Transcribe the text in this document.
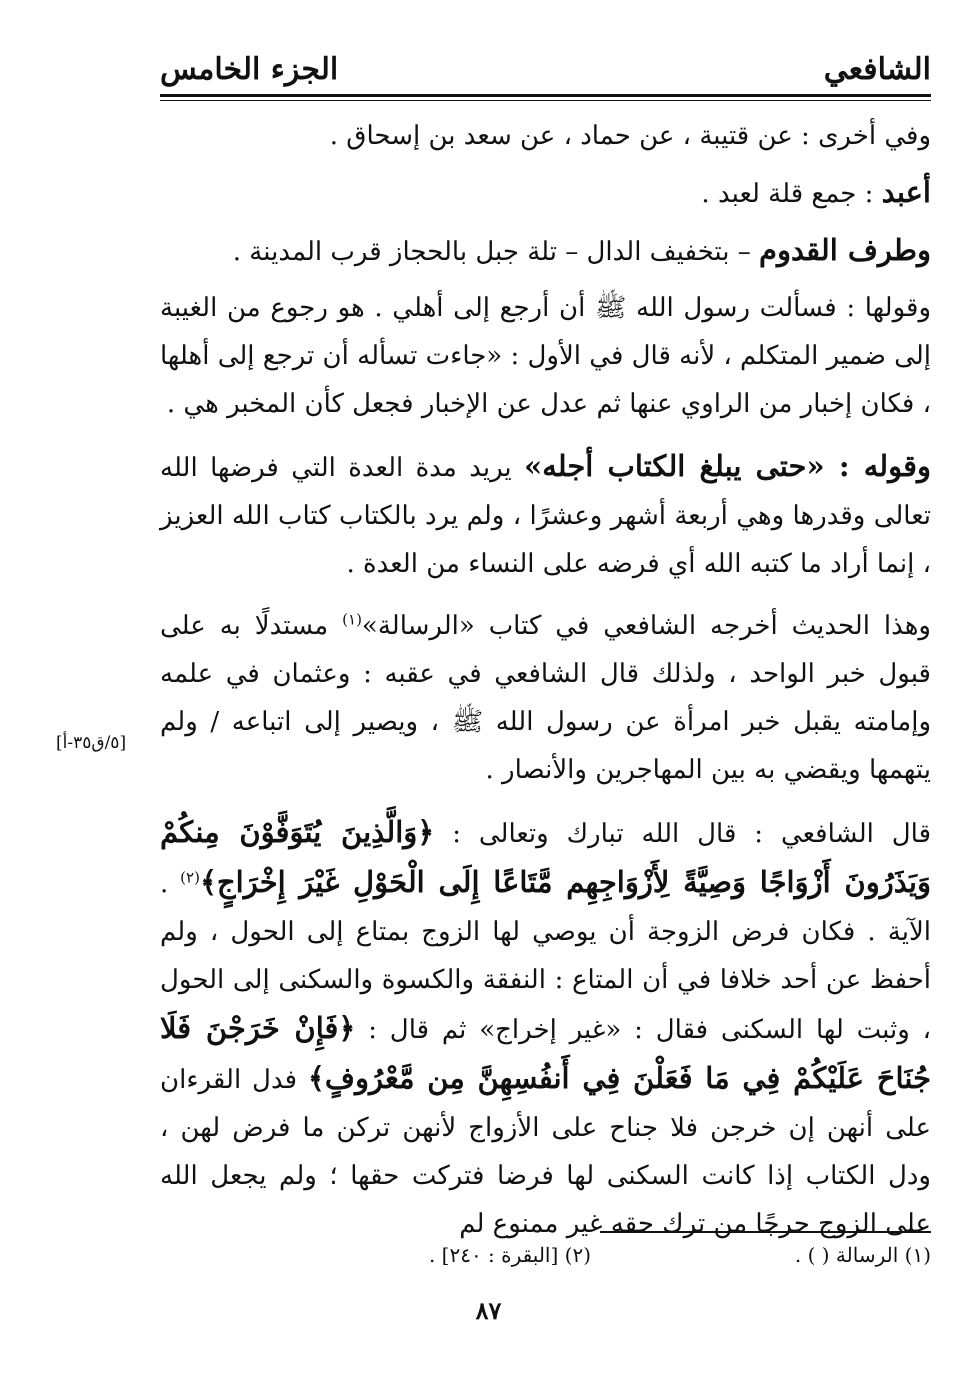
الشافعي
الجزء الخامس

وفي أخرى : عن قتيبة ، عن حماد ، عن سعد بن إسحاق .

أعبد : جمع قلة لعبد .

وطرف القدوم – بتخفيف الدال – تلة جبل بالحجاز قرب المدينة .

وقولها : فسألت رسول الله ﷺ أن أرجع إلى أهلي . هو رجوع من الغيبة إلى ضمير المتكلم ، لأنه قال في الأول : «جاءت تسأله أن ترجع إلى أهلها ، فكان إخبار من الراوي عنها ثم عدل عن الإخبار فجعل كأن المخبر هي .

وقوله : «حتى يبلغ الكتاب أجله» يريد مدة العدة التي فرضها الله تعالى وقدرها وهي أربعة أشهر وعشرًا ، ولم يرد بالكتاب كتاب الله العزيز ، إنما أراد ما كتبه الله أي فرضه على النساء من العدة .

وهذا الحديث أخرجه الشافعي في كتاب «الرسالة»$^{(١)}$ مستدلًا به على قبول خبر الواحد ، ولذلك قال الشافعي في عقبه : وعثمان في علمه وإمامته يقبل خبر امرأة عن رسول الله ﷺ ، ويصير إلى اتباعه / ولم يتهمها ويقضي به بين المهاجرين والأنصار .

قال الشافعي : قال الله تبارك وتعالى : ﴿وَالَّذِينَ يُتَوَفَّوْنَ مِنكُمْ وَيَذَرُونَ أَزْوَاجًا وَصِيَّةً لِأَزْوَاجِهِم مَّتَاعًا إِلَى الْحَوْلِ غَيْرَ إِخْرَاجٍ﴾$^{(٢)}$ . الآية . فكان فرض الزوجة أن يوصي لها الزوج بمتاع إلى الحول ، ولم أحفظ عن أحد خلافا في أن المتاع : النفقة والكسوة والسكنى إلى الحول ، وثبت لها السكنى فقال : «غير إخراج» ثم قال : ﴿فَإِنْ خَرَجْنَ فَلَا جُنَاحَ عَلَيْكُمْ فِي مَا فَعَلْنَ فِي أَنفُسِهِنَّ مِن مَّعْرُوفٍ﴾ فدل القرءان على أنهن إن خرجن فلا جناح على الأزواج لأنهن تركن ما فرض لهن ، ودل الكتاب إذا كانت السكنى لها فرضا فتركت حقها ؛ ولم يجعل الله على الزوج حرجًا من ترك حقه غير ممنوع لم

[٥/ق٣٥-أ]
(١) الرسالة ( ) .
(٢) [البقرة : ٢٤٠] .
٨٧
